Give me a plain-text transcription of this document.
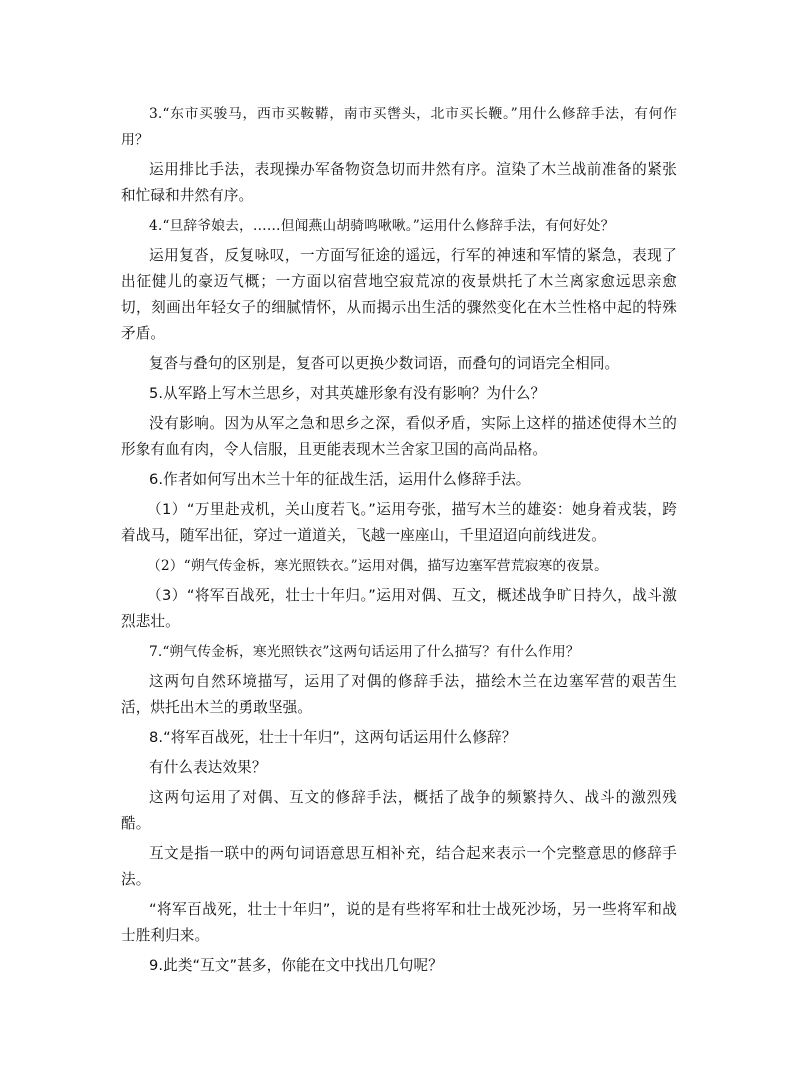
3.“东市买骏马，西市买鞍鞯，南市买辔头，北市买长鞭。”用什么修辞手法，有何作用？

运用排比手法，表现操办军备物资急切而井然有序。渲染了木兰战前准备的紧张和忙碌和井然有序。

4.“旦辞爷娘去，……但闻燕山胡骑鸣啾啾。”运用什么修辞手法，有何好处？

运用复沓，反复咏叹，一方面写征途的遥远，行军的神速和军情的紧急，表现了出征健儿的豪迈气概；一方面以宿营地空寂荒凉的夜景烘托了木兰离家愈远思亲愈切，刻画出年轻女子的细腻情怀，从而揭示出生活的骤然变化在木兰性格中起的特殊矛盾。

复沓与叠句的区别是，复沓可以更换少数词语，而叠句的词语完全相同。

5.从军路上写木兰思乡，对其英雄形象有没有影响？为什么？

没有影响。因为从军之急和思乡之深，看似矛盾，实际上这样的描述使得木兰的形象有血有肉，令人信服，且更能表现木兰舍家卫国的高尚品格。

6.作者如何写出木兰十年的征战生活，运用什么修辞手法。

（1）“万里赴戎机，关山度若飞。”运用夸张，描写木兰的雄姿：她身着戎装，跨着战马，随军出征，穿过一道道关，飞越一座座山，千里迢迢向前线进发。

（2）“朔气传金柝，寒光照铁衣。”运用对偶，描写边塞军营荒寂寒的夜景。

（3）“将军百战死，壮士十年归。”运用对偶、互文，概述战争旷日持久，战斗激烈悲壮。

7.“朔气传金柝，寒光照铁衣”这两句话运用了什么描写？有什么作用？

这两句自然环境描写，运用了对偶的修辞手法，描绘木兰在边塞军营的艰苦生活，烘托出木兰的勇敢坚强。

8.“将军百战死，壮士十年归”，这两句话运用什么修辞？

有什么表达效果？

这两句运用了对偶、互文的修辞手法，概括了战争的频繁持久、战斗的激烈残酷。

互文是指一联中的两句词语意思互相补充，结合起来表示一个完整意思的修辞手法。

“将军百战死，壮士十年归”，说的是有些将军和壮士战死沙场，另一些将军和战士胜利归来。

9.此类“互文”甚多，你能在文中找出几句呢？
